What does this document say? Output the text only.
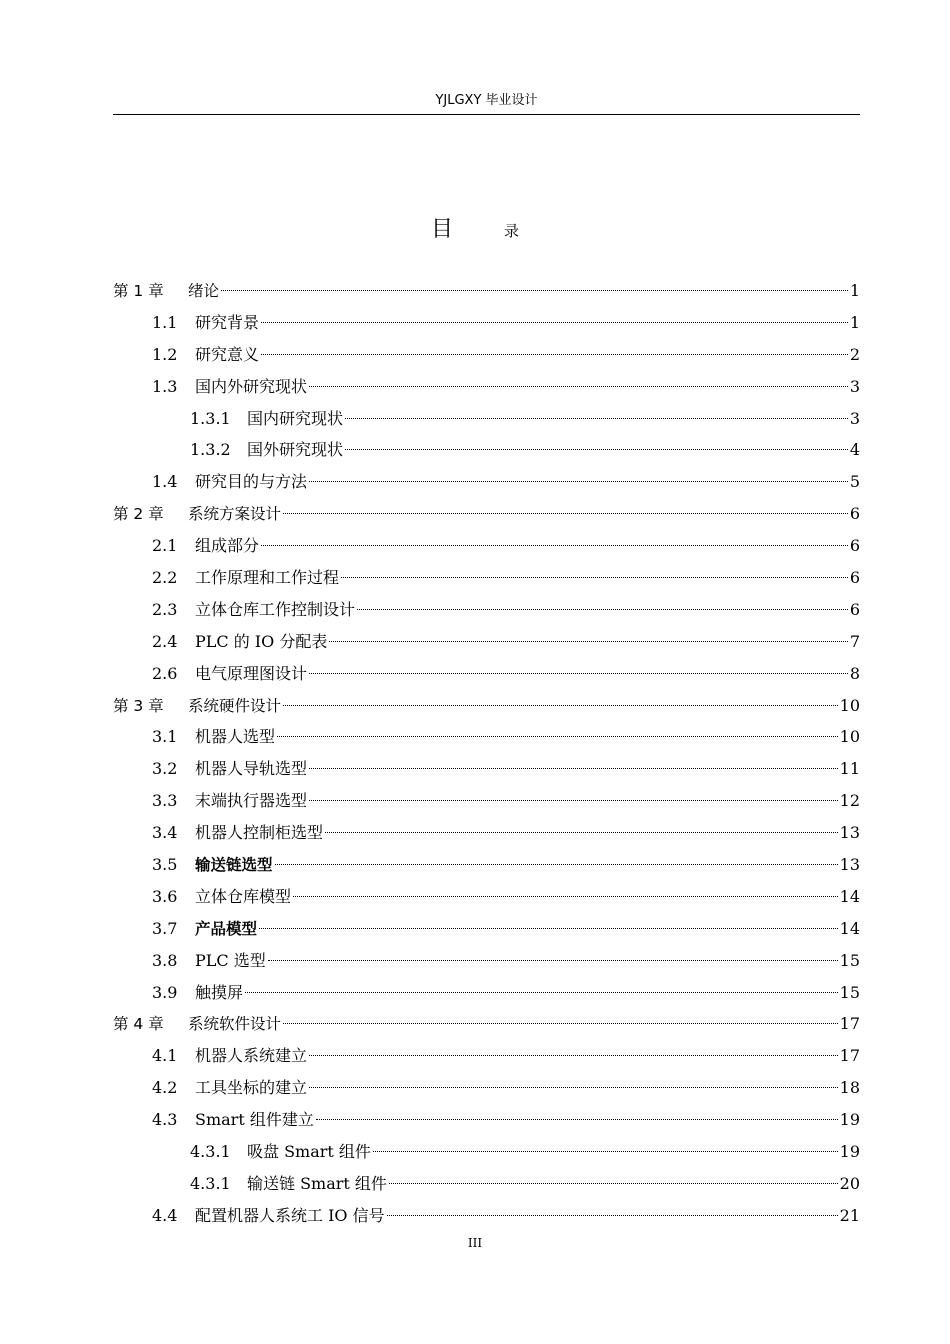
YJLGXY 毕业设计
目	录
第 1 章	绪论	1
1.1	研究背景	1
1.2	研究意义	2
1.3	国内外研究现状	3
1.3.1	国内研究现状	3
1.3.2	国外研究现状	4
1.4	研究目的与方法	5
第 2 章	系统方案设计	6
2.1	组成部分	6
2.2	工作原理和工作过程	6
2.3	立体仓库工作控制设计	6
2.4	PLC 的 IO 分配表	7
2.6	电气原理图设计	8
第 3 章	系统硬件设计	10
3.1	机器人选型	10
3.2	机器人导轨选型	11
3.3	末端执行器选型	12
3.4	机器人控制柜选型	13
3.5	输送链选型	13
3.6	立体仓库模型	14
3.7	产品模型	14
3.8	PLC 选型	15
3.9	触摸屏	15
第 4 章	系统软件设计	17
4.1	机器人系统建立	17
4.2	工具坐标的建立	18
4.3	Smart 组件建立	19
4.3.1	吸盘 Smart 组件	19
4.3.1	输送链 Smart 组件	20
4.4	配置机器人系统工 IO 信号	21
III
